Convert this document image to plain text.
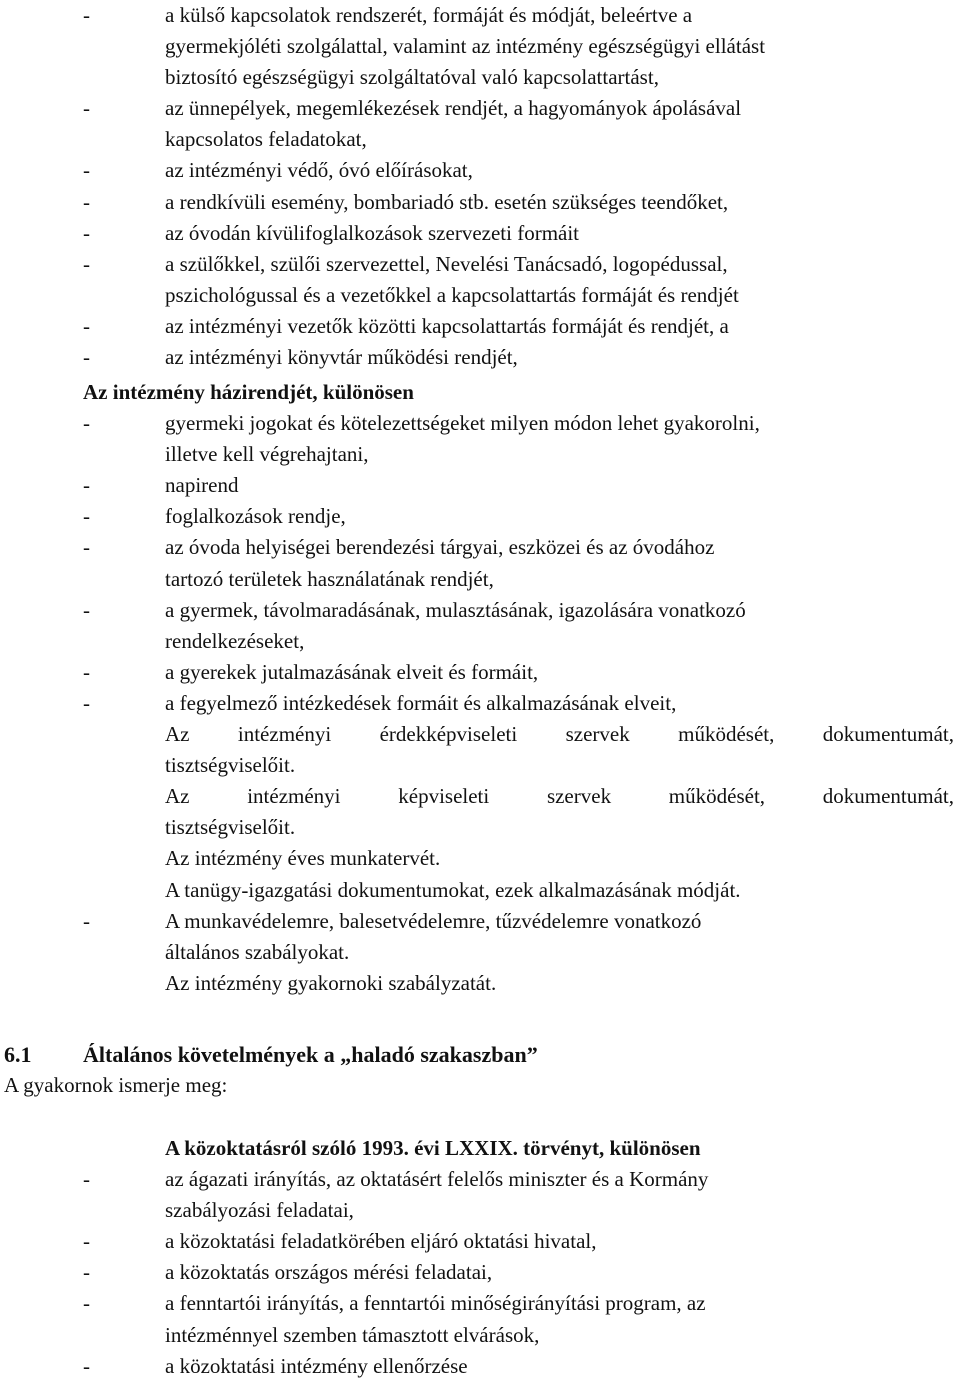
-	a külső kapcsolatok rendszerét, formáját és módját, beleértve a
gyermekjóléti szolgálattal, valamint az intézmény egészségügyi ellátást
biztosító egészségügyi szolgáltatóval való kapcsolattartást,
-	az ünnepélyek, megemlékezések rendjét, a hagyományok ápolásával
kapcsolatos feladatokat,
-	az intézményi védő, óvó előírásokat,
-	a rendkívüli esemény, bombariadó stb. esetén szükséges teendőket,
-	az óvodán kívülifoglalkozások szervezeti formáit
-	a szülőkkel, szülői szervezettel, Nevelési Tanácsadó, logopédussal,
pszichológussal és a vezetőkkel a kapcsolattartás formáját és rendjét
-	az intézményi vezetők közötti kapcsolattartás formáját és rendjét, a
-	az intézményi könyvtár működési rendjét,
Az intézmény házirendjét, különösen
-	gyermeki jogokat és kötelezettségeket milyen módon lehet gyakorolni,
illetve kell végrehajtani,
-	napirend
-	foglalkozások rendje,
-	az óvoda helyiségei berendezési tárgyai, eszközei és az óvodához
tartozó területek használatának rendjét,
-	a gyermek, távolmaradásának, mulasztásának, igazolására vonatkozó
rendelkezéseket,
-	a gyerekek jutalmazásának elveit és formáit,
-	a fegyelmező intézkedések formáit és alkalmazásának elveit,
Az intézményi érdekképviseleti szervek működését, dokumentumát,
tisztségviselőit.
Az intézményi képviseleti szervek működését, dokumentumát,
tisztségviselőit.
Az intézmény éves munkatervét.
A tanügy-igazgatási dokumentumokat, ezek alkalmazásának módját.
-	A munkavédelemre, balesetvédelemre, tűzvédelemre vonatkozó
általános szabályokat.
Az intézmény gyakornoki szabályzatát.
6.1	Általános követelmények a „haladó szakaszban”
A gyakornok ismerje meg:
A közoktatásról szóló 1993. évi LXXIX. törvényt, különösen
-	az ágazati irányítás, az oktatásért felelős miniszter és a Kormány
szabályozási feladatai,
-	a közoktatási feladatkörében eljáró oktatási hivatal,
-	a közoktatás országos mérési feladatai,
-	a fenntartói irányítás, a fenntartói minőségirányítási program, az
intézménnyel szemben támasztott elvárások,
-	a közoktatási intézmény ellenőrzése
